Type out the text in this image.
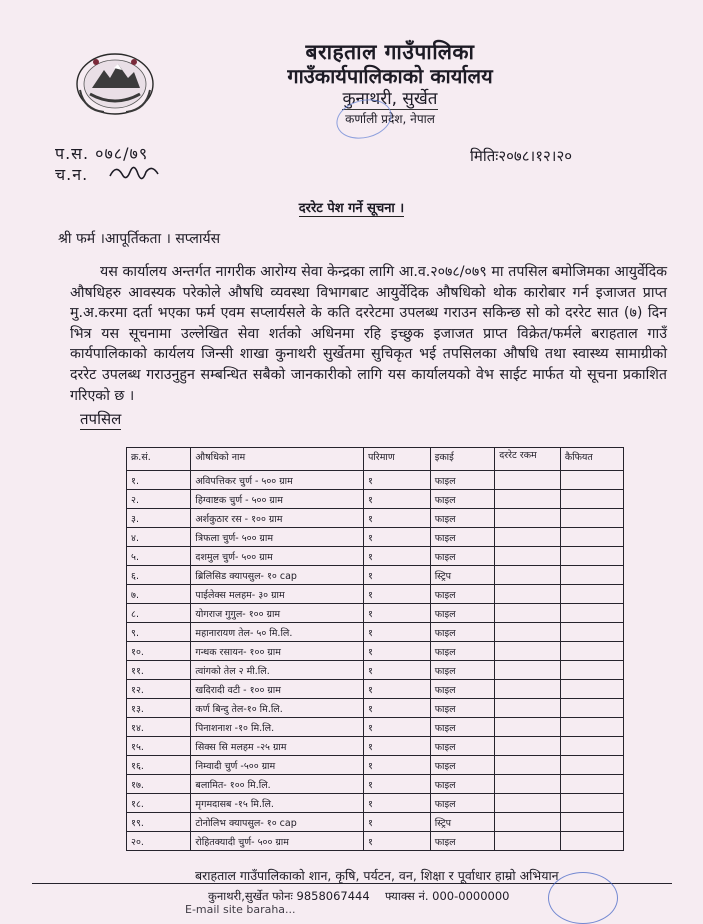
बराहताल गाउँपालिका
गाउँकार्यपालिकाको कार्यालय
कुनाथरी, सुर्खेत
कर्णाली प्रदेश, नेपाल
प.स. ०७८/७९
च.न.
मितिः२०७८।१२।२०
दररेट पेश गर्ने सूचना ।
श्री फर्म ।आपूर्तिकता । सप्लार्यस
यस कार्यालय अन्तर्गत नागरीक आरोग्य सेवा केन्द्रका लागि आ.व.२०७८/०७९ मा तपसिल बमोजिमका आयुर्वेदिक औषधिहरु आवस्यक परेकोले औषधि व्यवस्था विभागबाट आयुर्वेदिक औषधिको थोक कारोबार गर्न इजाजत प्राप्त मु.अ.करमा दर्ता भएका फर्म एवम सप्लार्यसले के कति दररेटमा उपलब्ध गराउन सकिन्छ सो को दररेट सात (७) दिन भित्र यस सूचनामा उल्लेखित सेवा शर्तको अधिनमा रहि इच्छुक इजाजत प्राप्त विक्रेत/फर्मले बराहताल गाउँ कार्यपालिकाको कार्यलय जिन्सी शाखा कुनाथरी सुर्खेतमा सुचिकृत भई तपसिलका औषधि तथा स्वास्थ्य सामाग्रीको दररेट उपलब्ध गराउनुहुन सम्बन्धित सबैको जानकारीको लागि यस कार्यालयको वेभ साईट मार्फत यो सूचना प्रकाशित गरिएको छ ।
तपसिल
क्र.सं.	औषधिको नाम	परिमाण	इकाई	दररेट रकम	कैफियत
१.	अविपत्तिकर चुर्ण - ५०० ग्राम	१	फाइल		
२.	हिग्वाष्टक चुर्ण - ५०० ग्राम	१	फाइल		
३.	अर्शकुठार रस - १०० ग्राम	१	फाइल		
४.	त्रिफला चुर्ण- ५०० ग्राम	१	फाइल		
५.	दशमुल चुर्ण- ५०० ग्राम	१	फाइल		
६.	ब्रिलिसिड क्यापसुल- १० cap	१	स्ट्रिप		
७.	पाईलेक्स मलहम- ३० ग्राम	१	फाइल		
८.	योगराज गुगुल- १०० ग्राम	१	फाइल		
९.	महानारायण तेल- ५० मि.लि.	१	फाइल		
१०.	गन्धक रसायन- १०० ग्राम	१	फाइल		
११.	त्वांगको तेल २ मी.लि.	१	फाइल		
१२.	खदिरादी वटी - १०० ग्राम	१	फाइल		
१३.	कर्ण बिन्दु तेल-१० मि.लि.	१	फाइल		
१४.	पिनाशनाश -१० मि.लि.	१	फाइल		
१५.	सिक्स सि मलहम -२५ ग्राम	१	फाइल		
१६.	निम्वादी चुर्ण -५०० ग्राम	१	फाइल		
१७.	बलामित- १०० मि.लि.	१	फाइल		
१८.	मृगमदासब -१५ मि.लि.	१	फाइल		
१९.	टोनोलिभ क्यापसुल- १० cap	१	स्ट्रिप		
२०.	रोहितक्यादी चुर्ण- ५०० ग्राम	१	फाइल		
बराहताल गाउँपालिकाको शान, कृषि, पर्यटन, वन, शिक्षा र पूर्वाधार हाम्रो अभियान
कुनाथरी,सुर्खेत फोनः 9858067444 फ्याक्स नं. 000-0000000
E-mail site baraha...
